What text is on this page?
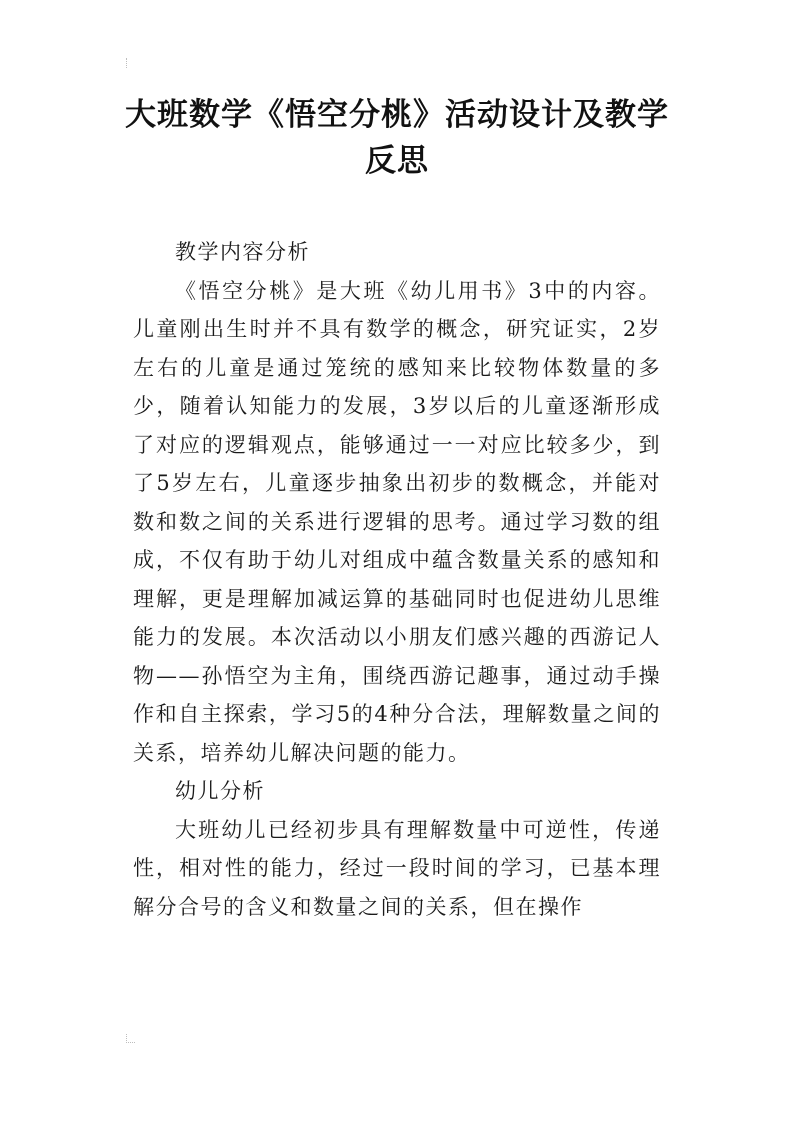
大班数学《悟空分桃》活动设计及教学反思

教学内容分析

《悟空分桃》是大班《幼儿用书》3中的内容。儿童刚出生时并不具有数学的概念，研究证实，2岁左右的儿童是通过笼统的感知来比较物体数量的多少，随着认知能力的发展，3岁以后的儿童逐渐形成了对应的逻辑观点，能够通过一一对应比较多少，到了5岁左右，儿童逐步抽象出初步的数概念，并能对数和数之间的关系进行逻辑的思考。通过学习数的组成，不仅有助于幼儿对组成中蕴含数量关系的感知和理解，更是理解加减运算的基础同时也促进幼儿思维能力的发展。本次活动以小朋友们感兴趣的西游记人物——孙悟空为主角，围绕西游记趣事，通过动手操作和自主探索，学习5的4种分合法，理解数量之间的关系，培养幼儿解决问题的能力。

幼儿分析

大班幼儿已经初步具有理解数量中可逆性，传递性，相对性的能力，经过一段时间的学习，已基本理解分合号的含义和数量之间的关系，但在操作
